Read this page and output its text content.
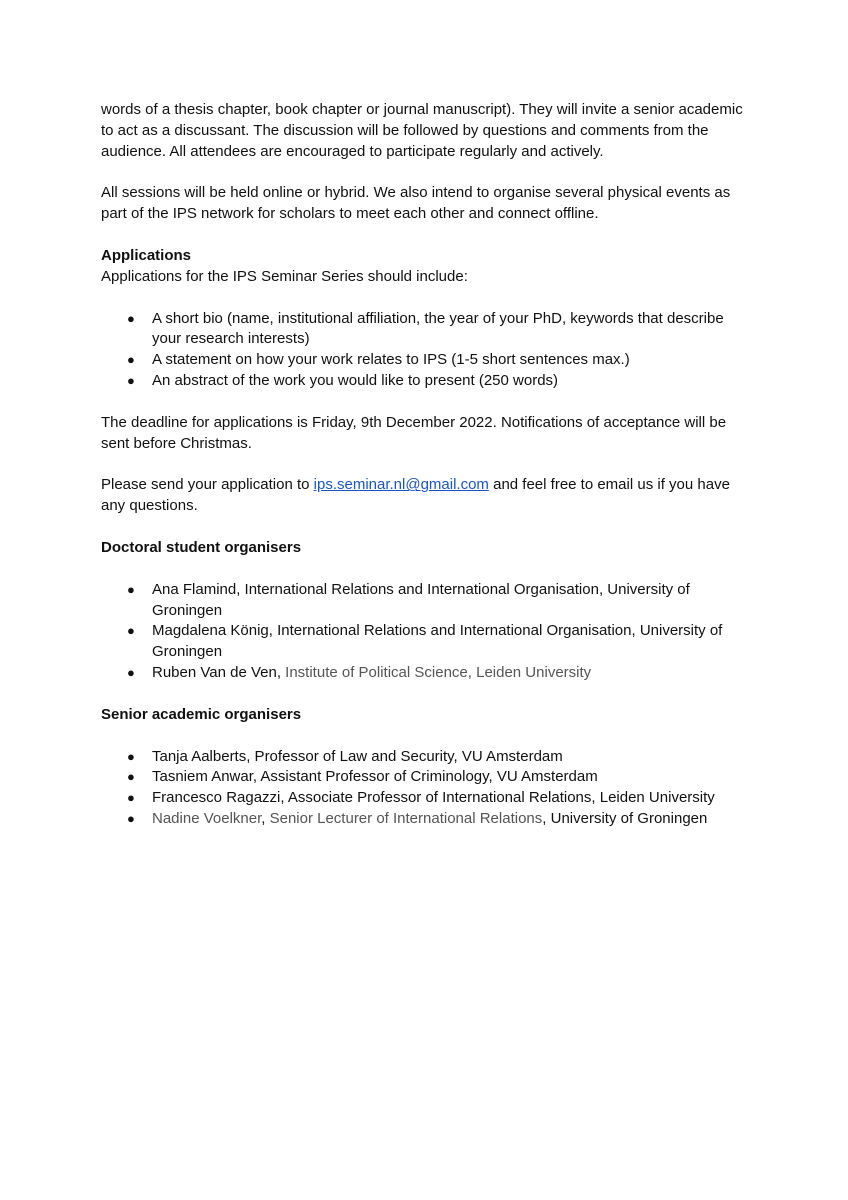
words of a thesis chapter, book chapter or journal manuscript). They will invite a senior academic to act as a discussant. The discussion will be followed by questions and comments from the audience. All attendees are encouraged to participate regularly and actively.

All sessions will be held online or hybrid. We also intend to organise several physical events as part of the IPS network for scholars to meet each other and connect offline.

Applications

Applications for the IPS Seminar Series should include:

● A short bio (name, institutional affiliation, the year of your PhD, keywords that describe your research interests)
● A statement on how your work relates to IPS (1-5 short sentences max.)
● An abstract of the work you would like to present (250 words)

The deadline for applications is Friday, 9th December 2022. Notifications of acceptance will be sent before Christmas.

Please send your application to ips.seminar.nl@gmail.com and feel free to email us if you have any questions.

Doctoral student organisers
● Ana Flamind, International Relations and International Organisation, University of Groningen
● Magdalena König, International Relations and International Organisation, University of Groningen
● Ruben Van de Ven, Institute of Political Science, Leiden University
Senior academic organisers
● Tanja Aalberts, Professor of Law and Security, VU Amsterdam
● Tasniem Anwar, Assistant Professor of Criminology, VU Amsterdam
● Francesco Ragazzi, Associate Professor of International Relations, Leiden University
● Nadine Voelkner, Senior Lecturer of International Relations, University of Groningen
